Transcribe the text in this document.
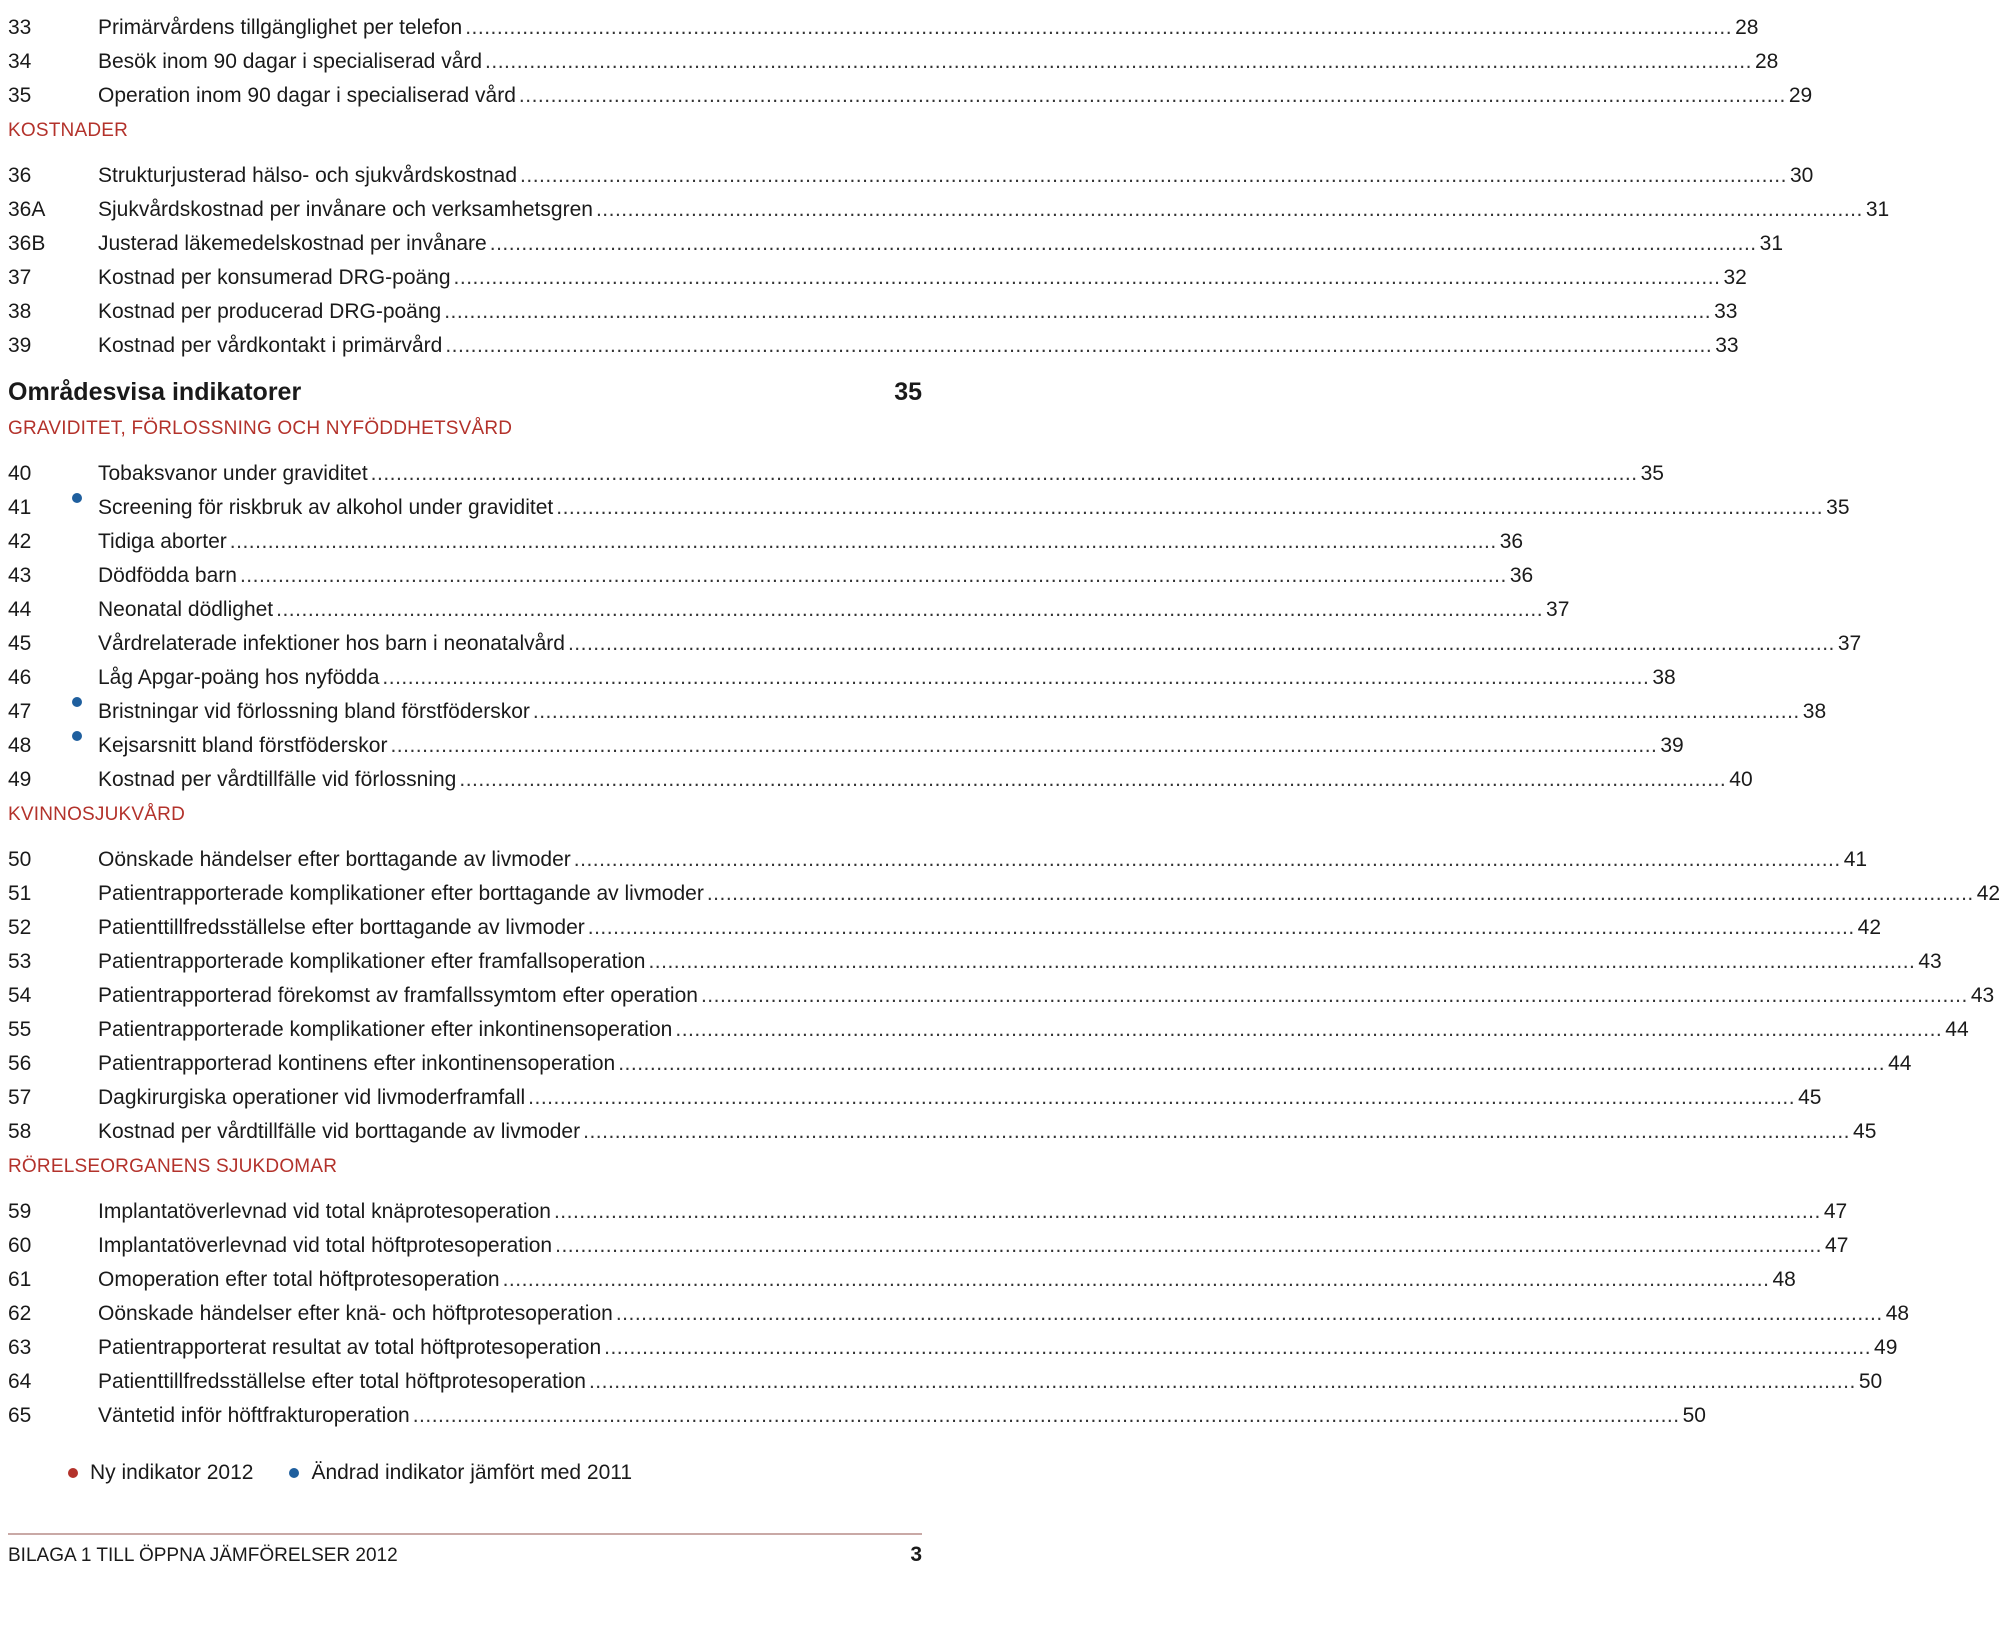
33	Primärvårdens tillgänglighet per telefon .....	28
34	Besök inom 90 dagar i specialiserad vård .....	28
35	Operation inom 90 dagar i specialiserad vård .....	29
KOSTNADER
36	Strukturjusterad hälso- och sjukvårdskostnad .....	30
36A	Sjukvårdskostnad per invånare och verksamhetsgren .....	31
36B	Justerad läkemedelskostnad per invånare .....	31
37	Kostnad per konsumerad DRG-poäng .....	32
38	Kostnad per producerad DRG-poäng .....	33
39	Kostnad per vårdkontakt i primärvård .....	33
Områdesvisa indikatorer	35
GRAVIDITET, FÖRLOSSNING OCH NYFÖDDHETSVÅRD
40	Tobaksvanor under graviditet .....	35
41	Screening för riskbruk av alkohol under graviditet .....	35
42	Tidiga aborter .....	36
43	Dödfödda barn .....	36
44	Neonatal dödlighet .....	37
45	Vårdrelaterade infektioner hos barn i neonatalvård .....	37
46	Låg Apgar-poäng hos nyfödda .....	38
47	Bristningar vid förlossning bland förstföderskor .....	38
48	Kejsarsnitt bland förstföderskor .....	39
49	Kostnad per vårdtillfälle vid förlossning .....	40
KVINNOSJUKVÅRD
50	Oönskade händelser efter borttagande av livmoder .....	41
51	Patientrapporterade komplikationer efter borttagande av livmoder .....	42
52	Patienttillfredsställelse efter borttagande av livmoder .....	42
53	Patientrapporterade komplikationer efter framfallsoperation .....	43
54	Patientrapporterad förekomst av framfallssymtom efter operation .....	43
55	Patientrapporterade komplikationer efter inkontinensoperation .....	44
56	Patientrapporterad kontinens efter inkontinensoperation .....	44
57	Dagkirurgiska operationer vid livmoderframfall .....	45
58	Kostnad per vårdtillfälle vid borttagande av livmoder .....	45
RÖRELSEORGANENS SJUKDOMAR
59	Implantatöverlevnad vid total knäprotesoperation .....	47
60	Implantatöverlevnad vid total höftprotesoperation .....	47
61	Omoperation efter total höftprotesoperation .....	48
62	Oönskade händelser efter knä- och höftprotesoperation .....	48
63	Patientrapporterat resultat av total höftprotesoperation .....	49
64	Patienttillfredsställelse efter total höftprotesoperation .....	50
65	Väntetid inför höftfrakturoperation .....	50
Ny indikator 2012	Ändrad indikator jämfört med 2011
BILAGA 1 TILL ÖPPNA JÄMFÖRELSER 2012	3
